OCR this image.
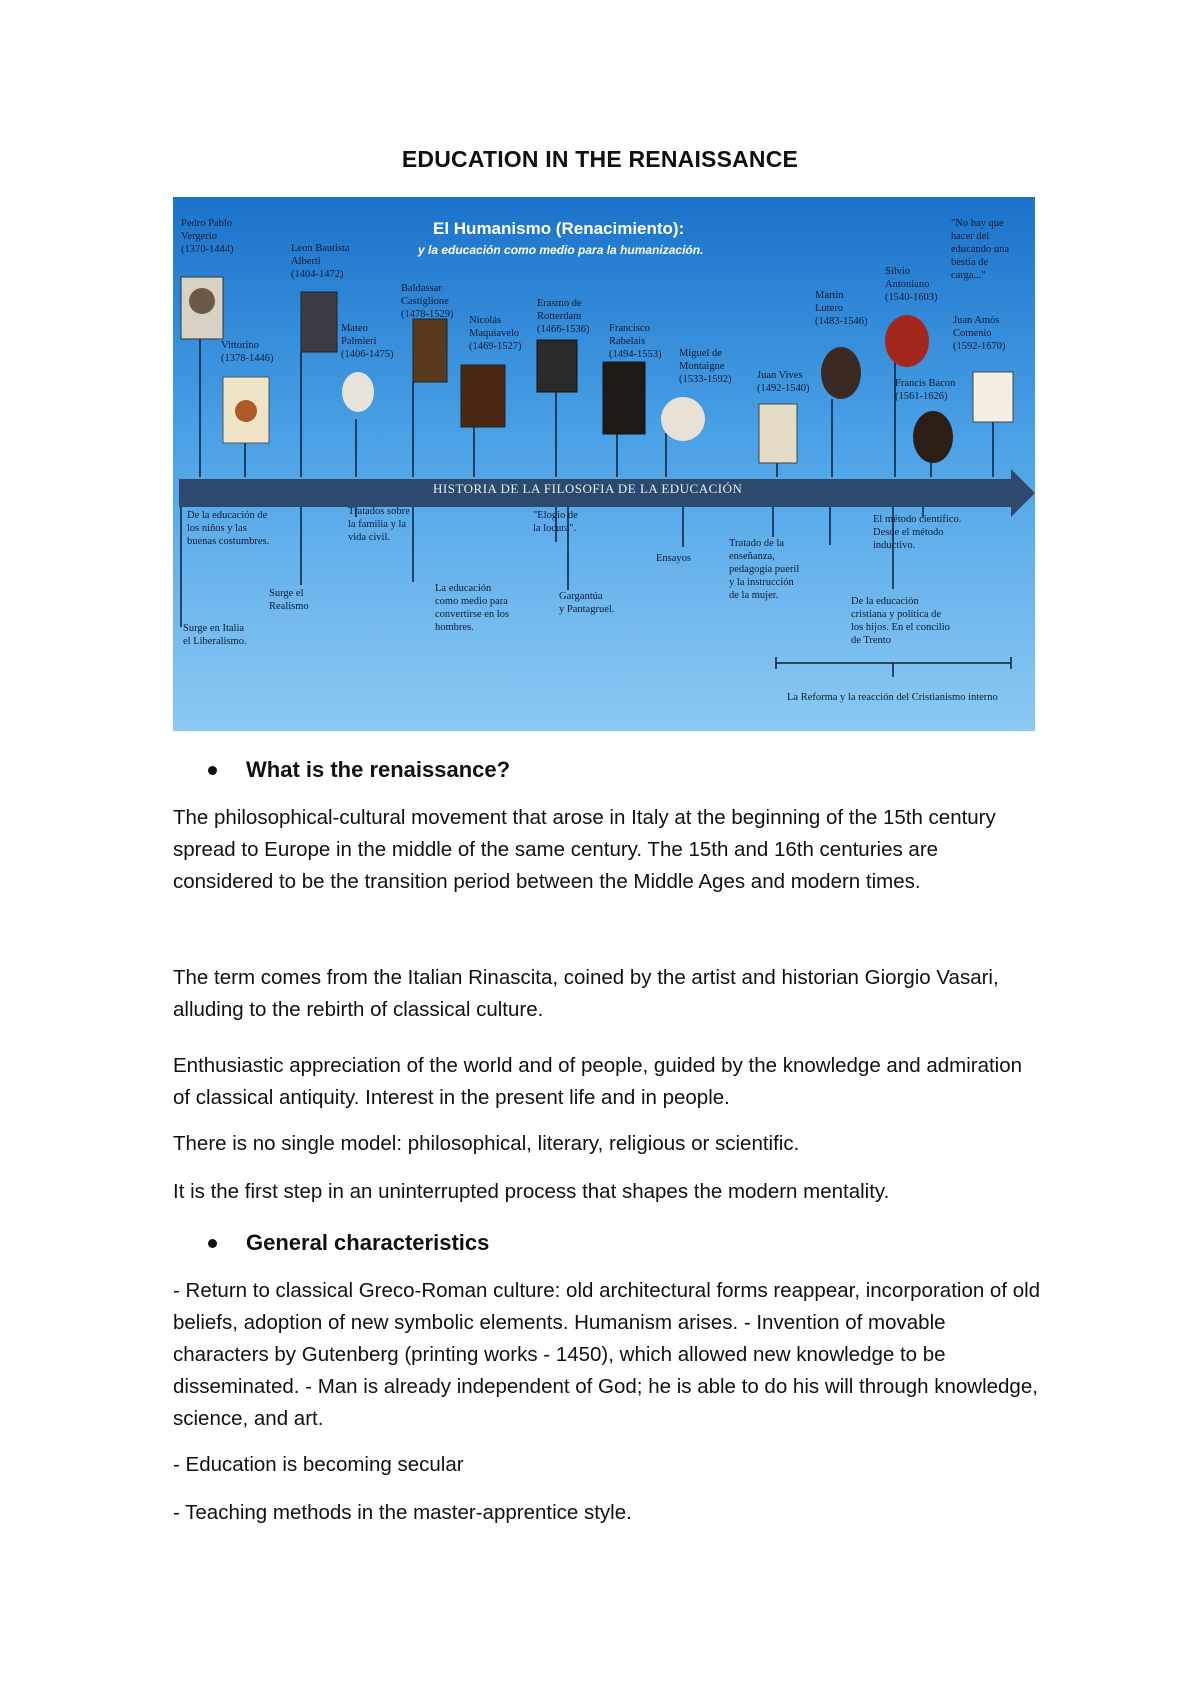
EDUCATION IN THE RENAISSANCE
El Humanismo (Renacimiento):
y la educación como medio para la humanización.
Pedro Pablo
Vergerio
(1370-1444)	Leon Bautista
Alberti
(1404-1472)
Baldassar
Castiglione
(1478-1529)
Erasmo de
Rotterdam
(1466-1536)
Vittorino
(1378-1446)
Mateo
Palmieri
(1406-1475)
Nicolás
Maquiavelo
(1469-1527)
Francisco
Rabelais
(1494-1553) Miguel de
Montaigne
(1533-1592) Juan Vives
(1492-1540)
Martín
Lutero
(1483-1546)
Silvio
Antoniano
(1540-1603)
Francis Bacon
(1561-1626)
"No hay que
hacer del
educando una
bestia de
carga..."
Juan Amós
Comenio
(1592-1670)
HISTORIA DE LA FILOSOFIA DE LA EDUCACIÓN
De la educación de
los niños y las
buenas costumbres.
Tratados sobre
la familia y la
vida civil.
"Elogio de
la locura".
El método científico.
Desde el método
inductivo.
Surge el
Realismo
La educación
como medio para
convertirse en los
hombres.
Gargantúa
y Pantagruel.
Ensayos
Tratado de la
enseñanza,
pedagogía pueril
y la instrucción
de la mujer.
De la educación
cristiana y política de
los hijos. En el concilio
de Trento
Surge en Italia
el Liberalismo.
La Reforma y la reacción del Cristianismo interno
What is the renaissance?
The philosophical-cultural movement that arose in Italy at the beginning of the 15th century spread to Europe in the middle of the same century. The 15th and 16th centuries are considered to be the transition period between the Middle Ages and modern times.
The term comes from the Italian Rinascita, coined by the artist and historian Giorgio Vasari, alluding to the rebirth of classical culture.
Enthusiastic appreciation of the world and of people, guided by the knowledge and admiration of classical antiquity. Interest in the present life and in people.
There is no single model: philosophical, literary, religious or scientific.
It is the first step in an uninterrupted process that shapes the modern mentality.
General characteristics
- Return to classical Greco-Roman culture: old architectural forms reappear, incorporation of old beliefs, adoption of new symbolic elements. Humanism arises. - Invention of movable characters by Gutenberg (printing works - 1450), which allowed new knowledge to be disseminated. - Man is already independent of God; he is able to do his will through knowledge, science, and art.
- Education is becoming secular
- Teaching methods in the master-apprentice style.
